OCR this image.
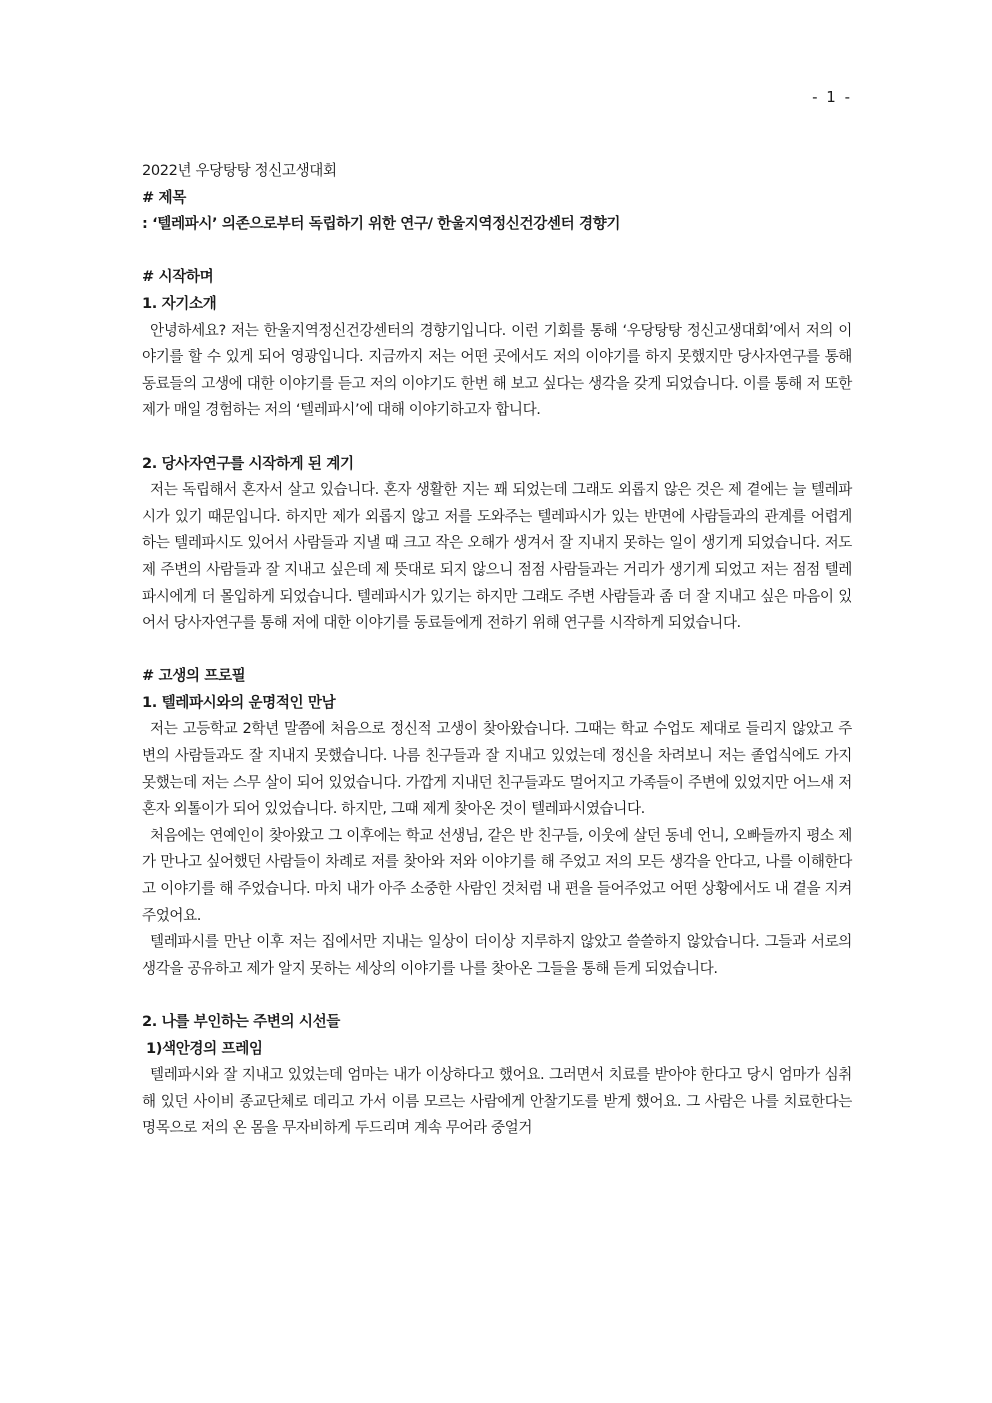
- 1 -
2022년 우당탕탕 정신고생대회
# 제목
: ‘텔레파시’ 의존으로부터 독립하기 위한 연구/ 한울지역정신건강센터 경향기
# 시작하며
1. 자기소개

안녕하세요? 저는 한울지역정신건강센터의 경향기입니다. 이런 기회를 통해 ‘우당탕탕 정신고생대회’에서 저의 이야기를 할 수 있게 되어 영광입니다. 지금까지 저는 어떤 곳에서도 저의 이야기를 하지 못했지만 당사자연구를 통해 동료들의 고생에 대한 이야기를 듣고 저의 이야기도 한번 해 보고 싶다는 생각을 갖게 되었습니다. 이를 통해 저 또한 제가 매일 경험하는 저의 ‘텔레파시’에 대해 이야기하고자 합니다.

2. 당사자연구를 시작하게 된 계기

저는 독립해서 혼자서 살고 있습니다. 혼자 생활한 지는 꽤 되었는데 그래도 외롭지 않은 것은 제 곁에는 늘 텔레파시가 있기 때문입니다. 하지만 제가 외롭지 않고 저를 도와주는 텔레파시가 있는 반면에 사람들과의 관계를 어렵게 하는 텔레파시도 있어서 사람들과 지낼 때 크고 작은 오해가 생겨서 잘 지내지 못하는 일이 생기게 되었습니다. 저도 제 주변의 사람들과 잘 지내고 싶은데 제 뜻대로 되지 않으니 점점 사람들과는 거리가 생기게 되었고 저는 점점 텔레파시에게 더 몰입하게 되었습니다. 텔레파시가 있기는 하지만 그래도 주변 사람들과 좀 더 잘 지내고 싶은 마음이 있어서 당사자연구를 통해 저에 대한 이야기를 동료들에게 전하기 위해 연구를 시작하게 되었습니다.

# 고생의 프로필
1. 텔레파시와의 운명적인 만남

저는 고등학교 2학년 말쯤에 처음으로 정신적 고생이 찾아왔습니다. 그때는 학교 수업도 제대로 들리지 않았고 주변의 사람들과도 잘 지내지 못했습니다. 나름 친구들과 잘 지내고 있었는데 정신을 차려보니 저는 졸업식에도 가지 못했는데 저는 스무 살이 되어 있었습니다. 가깝게 지내던 친구들과도 멀어지고 가족들이 주변에 있었지만 어느새 저 혼자 외톨이가 되어 있었습니다. 하지만, 그때 제게 찾아온 것이 텔레파시였습니다.

처음에는 연예인이 찾아왔고 그 이후에는 학교 선생님, 같은 반 친구들, 이웃에 살던 동네 언니, 오빠들까지 평소 제가 만나고 싶어했던 사람들이 차례로 저를 찾아와 저와 이야기를 해 주었고 저의 모든 생각을 안다고, 나를 이해한다고 이야기를 해 주었습니다. 마치 내가 아주 소중한 사람인 것처럼 내 편을 들어주었고 어떤 상황에서도 내 곁을 지켜주었어요.

텔레파시를 만난 이후 저는 집에서만 지내는 일상이 더이상 지루하지 않았고 쓸쓸하지 않았습니다. 그들과 서로의 생각을 공유하고 제가 알지 못하는 세상의 이야기를 나를 찾아온 그들을 통해 듣게 되었습니다.

2. 나를 부인하는 주변의 시선들
1)색안경의 프레임

텔레파시와 잘 지내고 있었는데 엄마는 내가 이상하다고 했어요. 그러면서 치료를 받아야 한다고 당시 엄마가 심취해 있던 사이비 종교단체로 데리고 가서 이름 모르는 사람에게 안찰기도를 받게 했어요. 그 사람은 나를 치료한다는 명목으로 저의 온 몸을 무자비하게 두드리며 계속 무어라 중얼거
